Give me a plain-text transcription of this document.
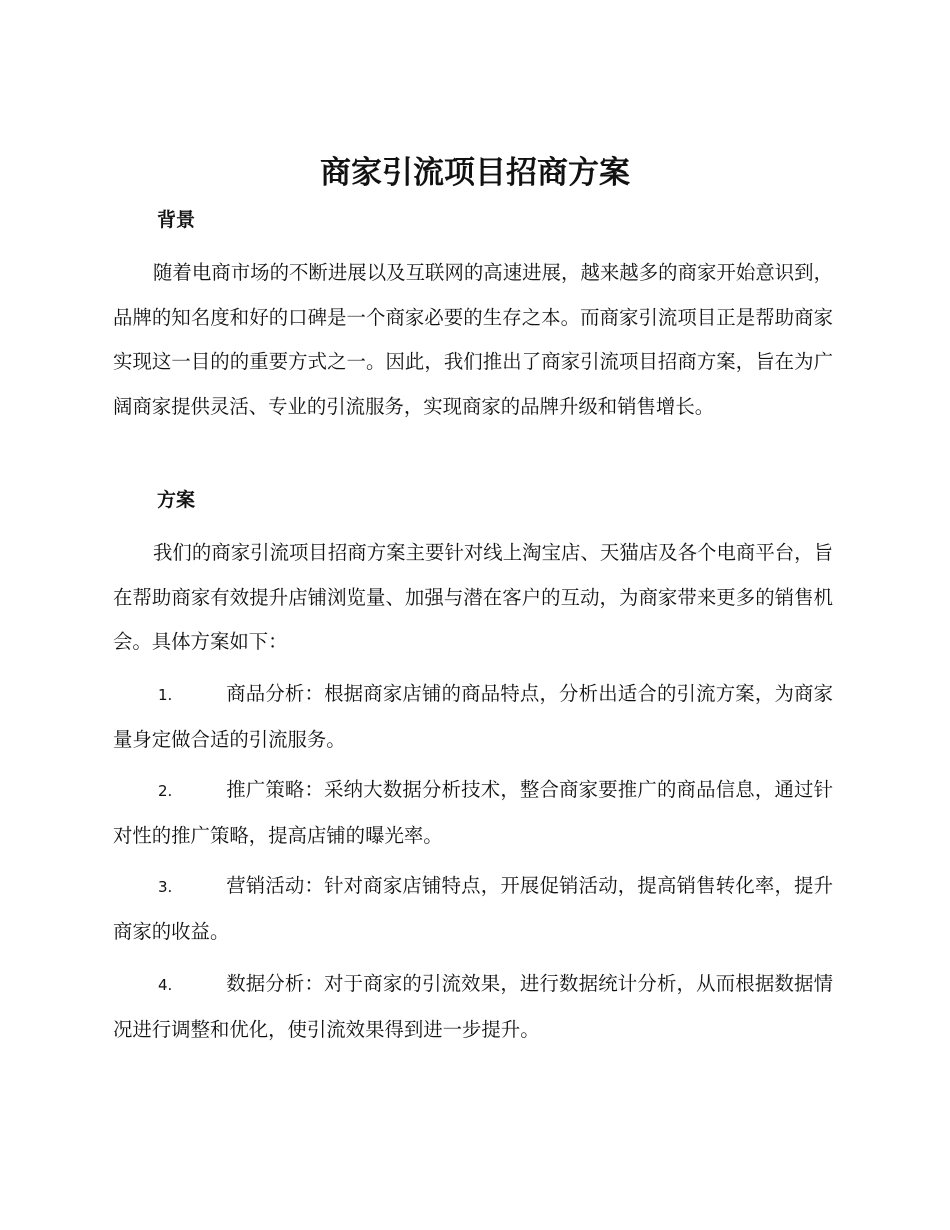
商家引流项目招商方案
背景

随着电商市场的不断进展以及互联网的高速进展，越来越多的商家开始意识到，品牌的知名度和好的口碑是一个商家必要的生存之本。而商家引流项目正是帮助商家实现这一目的的重要方式之一。因此，我们推出了商家引流项目招商方案，旨在为广阔商家提供灵活、专业的引流服务，实现商家的品牌升级和销售增长。

方案

我们的商家引流项目招商方案主要针对线上淘宝店、天猫店及各个电商平台，旨在帮助商家有效提升店铺浏览量、加强与潜在客户的互动，为商家带来更多的销售机会。具体方案如下：

1.	商品分析：根据商家店铺的商品特点，分析出适合的引流方案，为商家量身定做合适的引流服务。

2.	推广策略：采纳大数据分析技术，整合商家要推广的商品信息，通过针对性的推广策略，提高店铺的曝光率。

3.	营销活动：针对商家店铺特点，开展促销活动，提高销售转化率，提升商家的收益。

4.	数据分析：对于商家的引流效果，进行数据统计分析，从而根据数据情况进行调整和优化，使引流效果得到进一步提升。
